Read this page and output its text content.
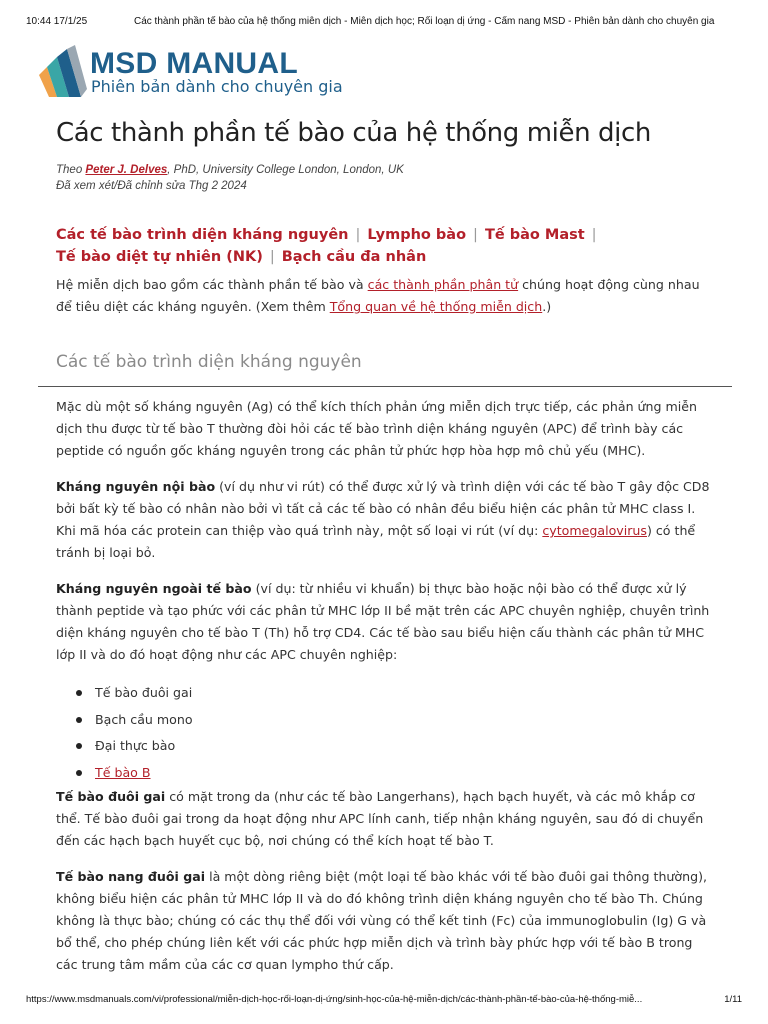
10:44 17/1/25	Các thành phần tế bào của hệ thống miễn dịch - Miễn dịch học; Rối loạn dị ứng - Cẩm nang MSD - Phiên bản dành cho chuyên gia
MSD MANUAL
Phiên bản dành cho chuyên gia
Các thành phần tế bào của hệ thống miễn dịch
Theo Peter J. Delves, PhD, University College London, London, UK
Đã xem xét/Đã chỉnh sửa Thg 2 2024
Các tế bào trình diện kháng nguyên | Lympho bào | Tế bào Mast |
Tế bào diệt tự nhiên (NK) | Bạch cầu đa nhân

Hệ miễn dịch bao gồm các thành phần tế bào và các thành phần phân tử chúng hoạt động cùng nhau để tiêu diệt các kháng nguyên. (Xem thêm Tổng quan về hệ thống miễn dịch.)

Các tế bào trình diện kháng nguyên

Mặc dù một số kháng nguyên (Ag) có thể kích thích phản ứng miễn dịch trực tiếp, các phản ứng miễn dịch thu được từ tế bào T thường đòi hỏi các tế bào trình diện kháng nguyên (APC) để trình bày các peptide có nguồn gốc kháng nguyên trong các phân tử phức hợp hòa hợp mô chủ yếu (MHC).

Kháng nguyên nội bào (ví dụ như vi rút) có thể được xử lý và trình diện với các tế bào T gây độc CD8 bởi bất kỳ tế bào có nhân nào bởi vì tất cả các tế bào có nhân đều biểu hiện các phân tử MHC class I. Khi mã hóa các protein can thiệp vào quá trình này, một số loại vi rút (ví dụ: cytomegalovirus) có thể tránh bị loại bỏ.

Kháng nguyên ngoài tế bào (ví dụ: từ nhiều vi khuẩn) bị thực bào hoặc nội bào có thể được xử lý thành peptide và tạo phức với các phân tử MHC lớp II bề mặt trên các APC chuyên nghiệp, chuyên trình diện kháng nguyên cho tế bào T (Th) hỗ trợ CD4. Các tế bào sau biểu hiện cấu thành các phân tử MHC lớp II và do đó hoạt động như các APC chuyên nghiệp:

Tế bào đuôi gai
Bạch cầu mono
Đại thực bào
Tế bào B

Tế bào đuôi gai có mặt trong da (như các tế bào Langerhans), hạch bạch huyết, và các mô khắp cơ thể. Tế bào đuôi gai trong da hoạt động như APC lính canh, tiếp nhận kháng nguyên, sau đó di chuyển đến các hạch bạch huyết cục bộ, nơi chúng có thể kích hoạt tế bào T.

Tế bào nang đuôi gai là một dòng riêng biệt (một loại tế bào khác với tế bào đuôi gai thông thường), không biểu hiện các phân tử MHC lớp II và do đó không trình diện kháng nguyên cho tế bào Th. Chúng không là thực bào; chúng có các thụ thể đối với vùng có thể kết tinh (Fc) của immunoglobulin (Ig) G và bổ thể, cho phép chúng liên kết với các phức hợp miễn dịch và trình bày phức hợp với tế bào B trong các trung tâm mầm của các cơ quan lympho thứ cấp.

https://www.msdmanuals.com/vi/professional/miễn-dịch-học-rối-loạn-dị-ứng/sinh-học-của-hệ-miễn-dịch/các-thành-phần-tế-bào-của-hệ-thống-miễ...	1/11
